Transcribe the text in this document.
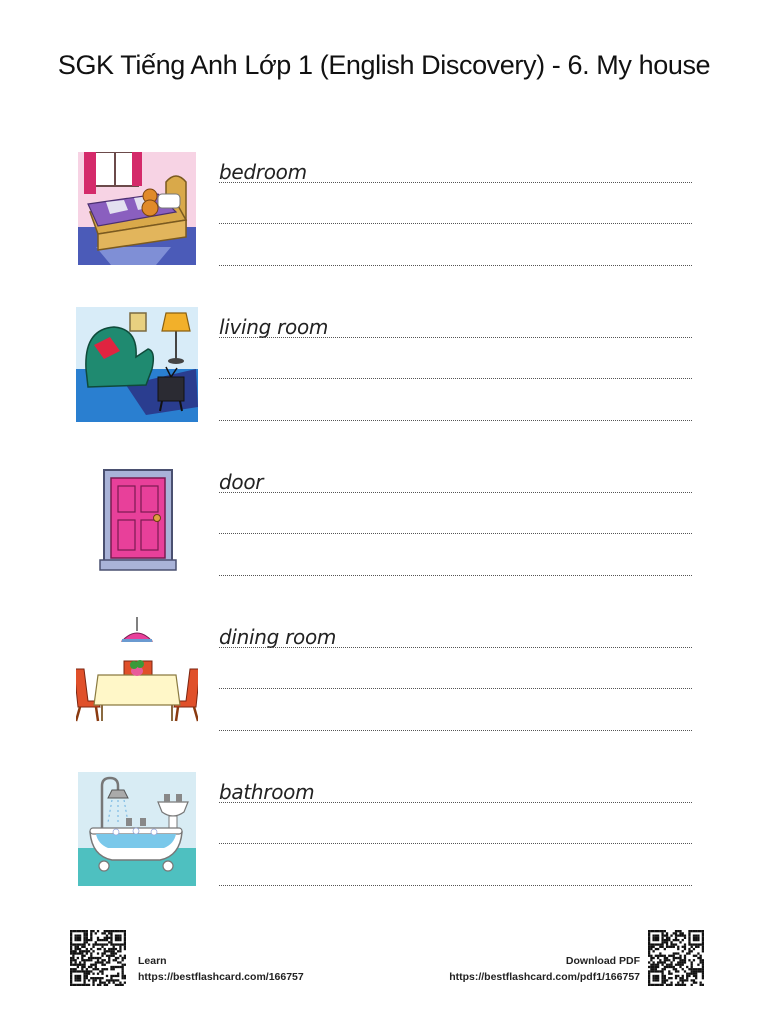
SGK Tiếng Anh Lớp 1 (English Discovery) - 6. My house
bedroom
living room
door
dining room
bathroom
Learn
https://bestflashcard.com/166757
Download PDF
https://bestflashcard.com/pdf1/166757
